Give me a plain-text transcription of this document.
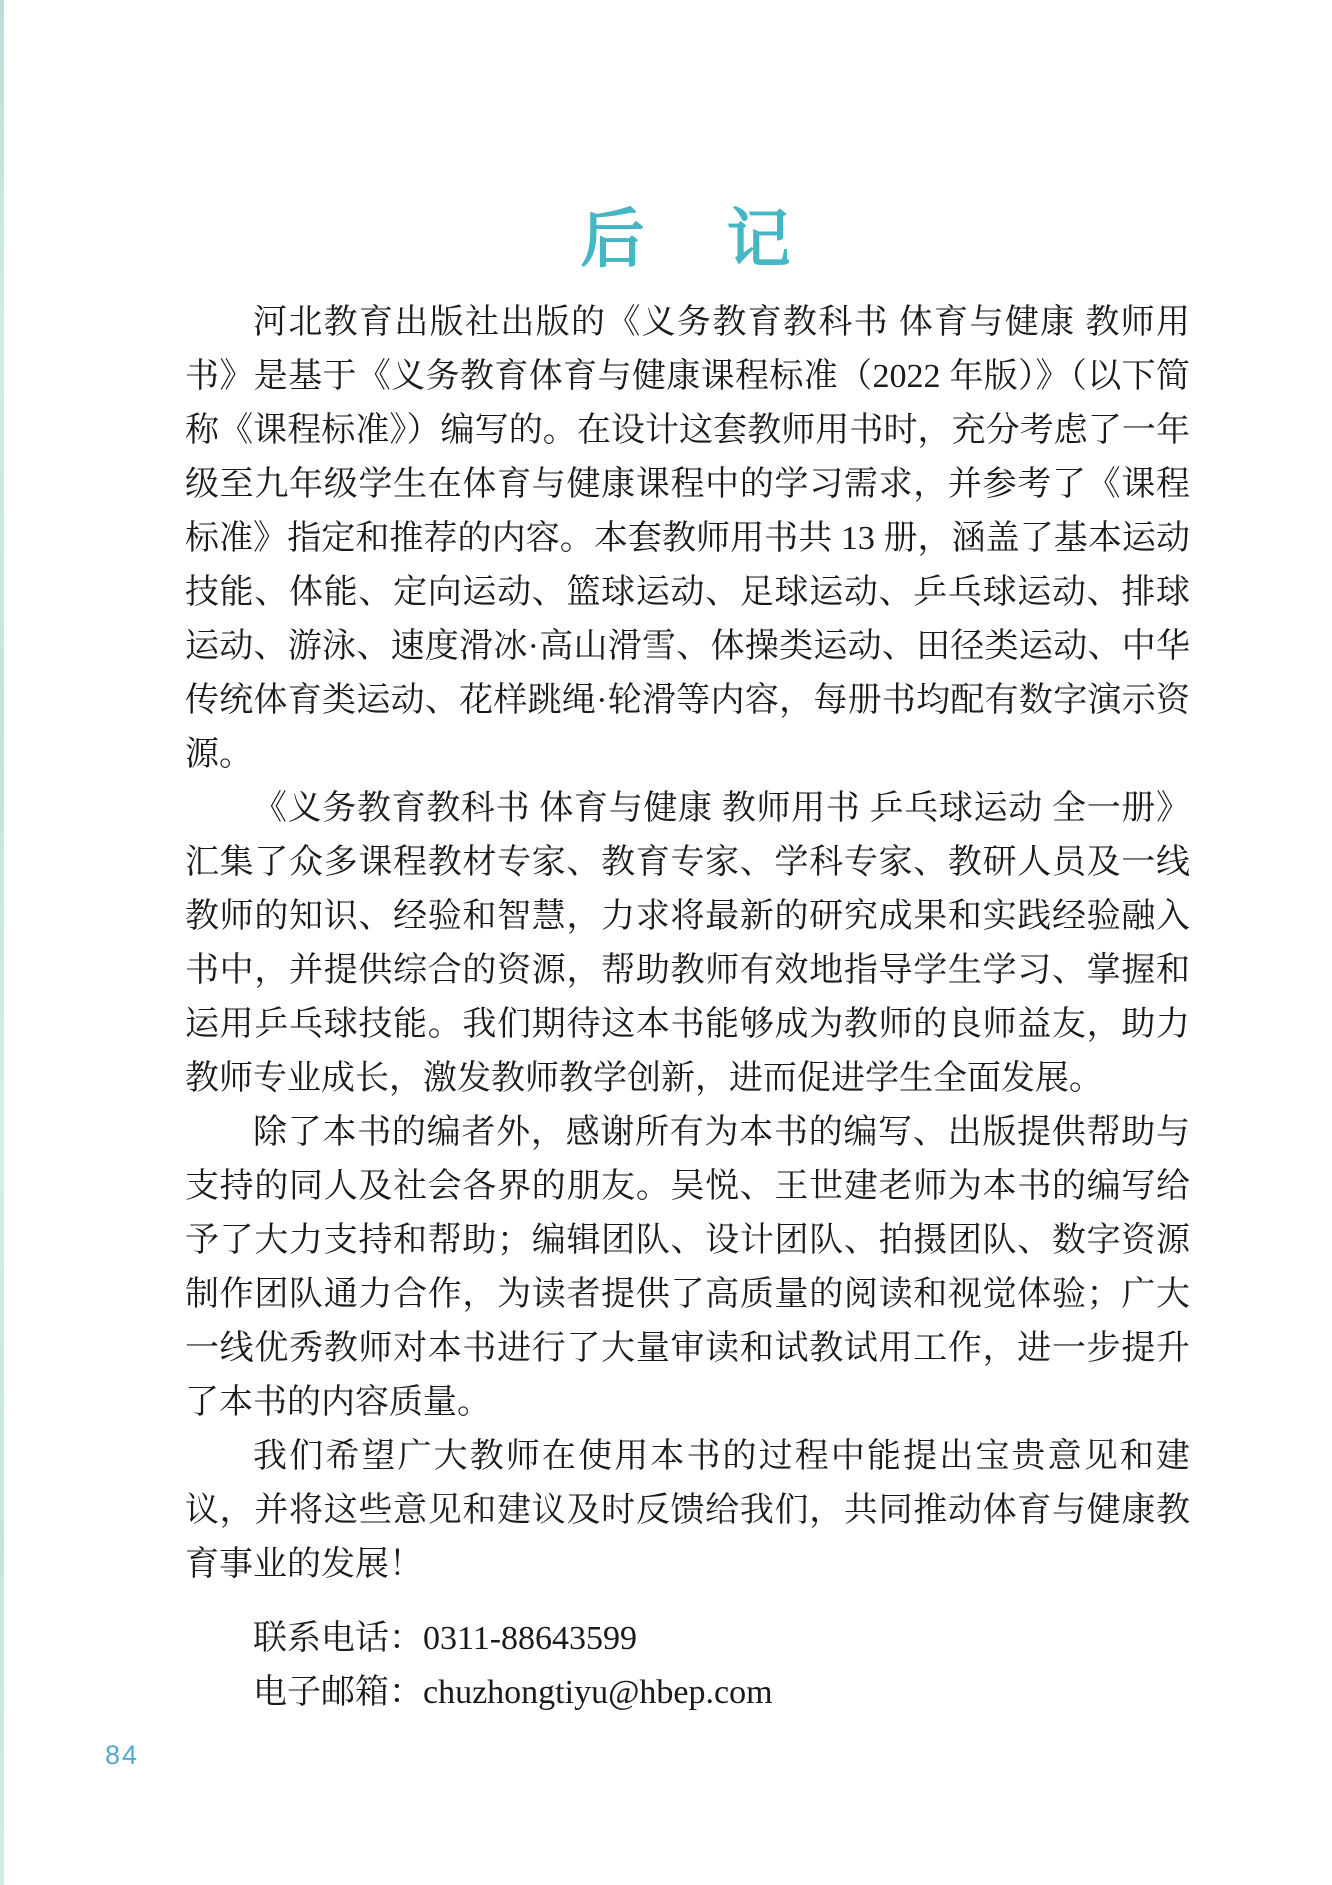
后 记

河北教育出版社出版的《义务教育教科书 体育与健康 教师用书》是基于《义务教育体育与健康课程标准（2022 年版）》（以下简称《课程标准》）编写的。在设计这套教师用书时，充分考虑了一年级至九年级学生在体育与健康课程中的学习需求，并参考了《课程标准》指定和推荐的内容。本套教师用书共 13 册，涵盖了基本运动技能、体能、定向运动、篮球运动、足球运动、乒乓球运动、排球运动、游泳、速度滑冰·高山滑雪、体操类运动、田径类运动、中华传统体育类运动、花样跳绳·轮滑等内容，每册书均配有数字演示资源。

《义务教育教科书 体育与健康 教师用书 乒乓球运动 全一册》汇集了众多课程教材专家、教育专家、学科专家、教研人员及一线教师的知识、经验和智慧，力求将最新的研究成果和实践经验融入书中，并提供综合的资源，帮助教师有效地指导学生学习、掌握和运用乒乓球技能。我们期待这本书能够成为教师的良师益友，助力教师专业成长，激发教师教学创新，进而促进学生全面发展。

除了本书的编者外，感谢所有为本书的编写、出版提供帮助与支持的同人及社会各界的朋友。吴悦、王世建老师为本书的编写给予了大力支持和帮助；编辑团队、设计团队、拍摄团队、数字资源制作团队通力合作，为读者提供了高质量的阅读和视觉体验；广大一线优秀教师对本书进行了大量审读和试教试用工作，进一步提升了本书的内容质量。

我们希望广大教师在使用本书的过程中能提出宝贵意见和建议，并将这些意见和建议及时反馈给我们，共同推动体育与健康教育事业的发展！

联系电话：0311-88643599

电子邮箱：chuzhongtiyu@hbep.com

84
